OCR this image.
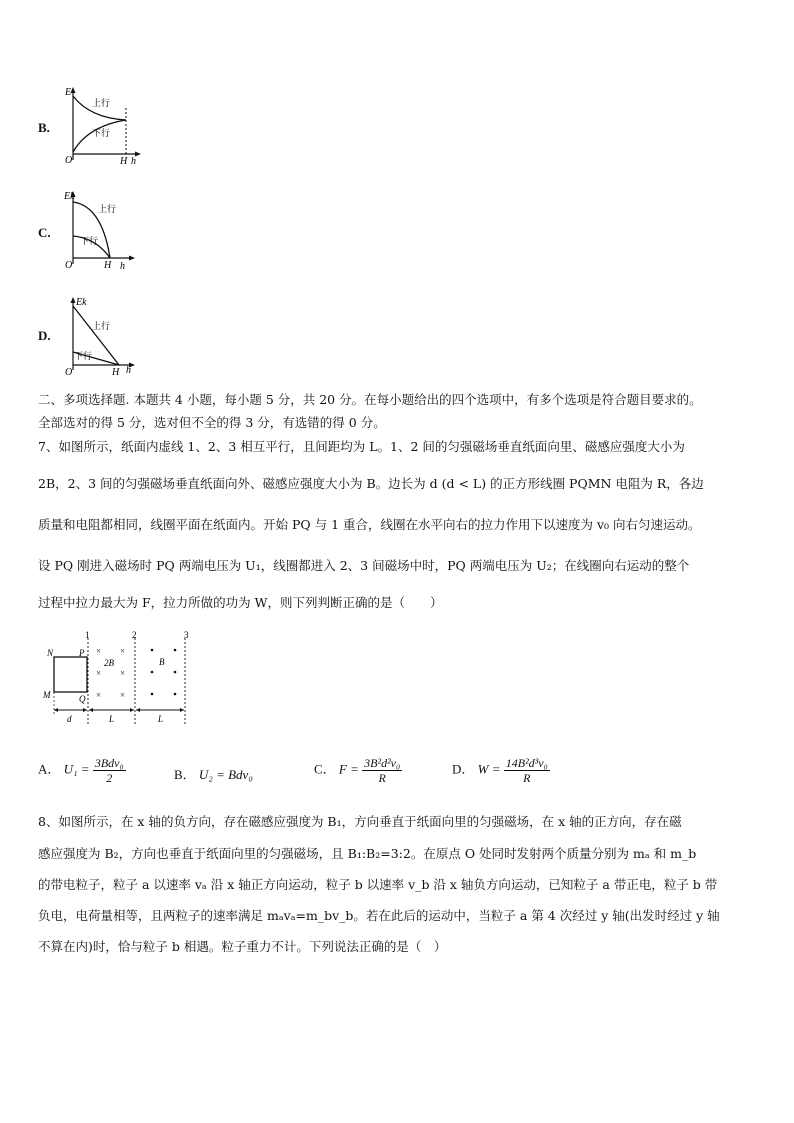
B.
E
上行
下行
O	H h
C.
Ek
上行
下行
O	H h
D.
Ek
上行
下行
O	H h
二、多项选择题. 本题共 4 小题，每小题 5 分，共 20 分。在每小题给出的四个选项中，有多个选项是符合题目要求的。
全部选对的得 5 分，选对但不全的得 3 分，有选错的得 0 分。
7、如图所示，纸面内虚线 1、2、3 相互平行，且间距均为 L。1、2 间的匀强磁场垂直纸面向里、磁感应强度大小为
2B，2、3 间的匀强磁场垂直纸面向外、磁感应强度大小为 B。边长为 d (d < L) 的正方形线圈 PQMN 电阻为 R，各边
质量和电阻都相同，线圈平面在纸面内。开始 PQ 与 1 重合，线圈在水平向右的拉力作用下以速度为 v₀ 向右匀速运动。
设 PQ 刚进入磁场时 PQ 两端电压为 U₁，线圈都进入 2、3 间磁场中时，PQ 两端电压为 U₂；在线圈向右运动的整个
过程中拉力最大为 F，拉力所做的功为 W，则下列判断正确的是（　　）
1	2	3
N	P
M	Q
× ×
× ×
× ×
2B	B
d	L	L
A． $U_1 = \frac{\text{3Bdv₀}}{2}$	B． U₂ = Bdv₀	C． $F = \frac{\text{3B²d²v₀}}{R}$	D． $W = \frac{\text{14B²d³v₀}}{R}$
8、如图所示，在 x 轴的负方向，存在磁感应强度为 B₁，方向垂直于纸面向里的匀强磁场，在 x 轴的正方向，存在磁
感应强度为 B₂，方向也垂直于纸面向里的匀强磁场，且 B₁:B₂=3:2。在原点 O 处同时发射两个质量分别为 mₐ 和 m_b
的带电粒子，粒子 a 以速率 vₐ 沿 x 轴正方向运动，粒子 b 以速率 v_b 沿 x 轴负方向运动，已知粒子 a 带正电，粒子 b 带
负电，电荷量相等，且两粒子的速率满足 mₐvₐ=m_bv_b。若在此后的运动中，当粒子 a 第 4 次经过 y 轴(出发时经过 y 轴
不算在内)时，恰与粒子 b 相遇。粒子重力不计。下列说法正确的是（　）
